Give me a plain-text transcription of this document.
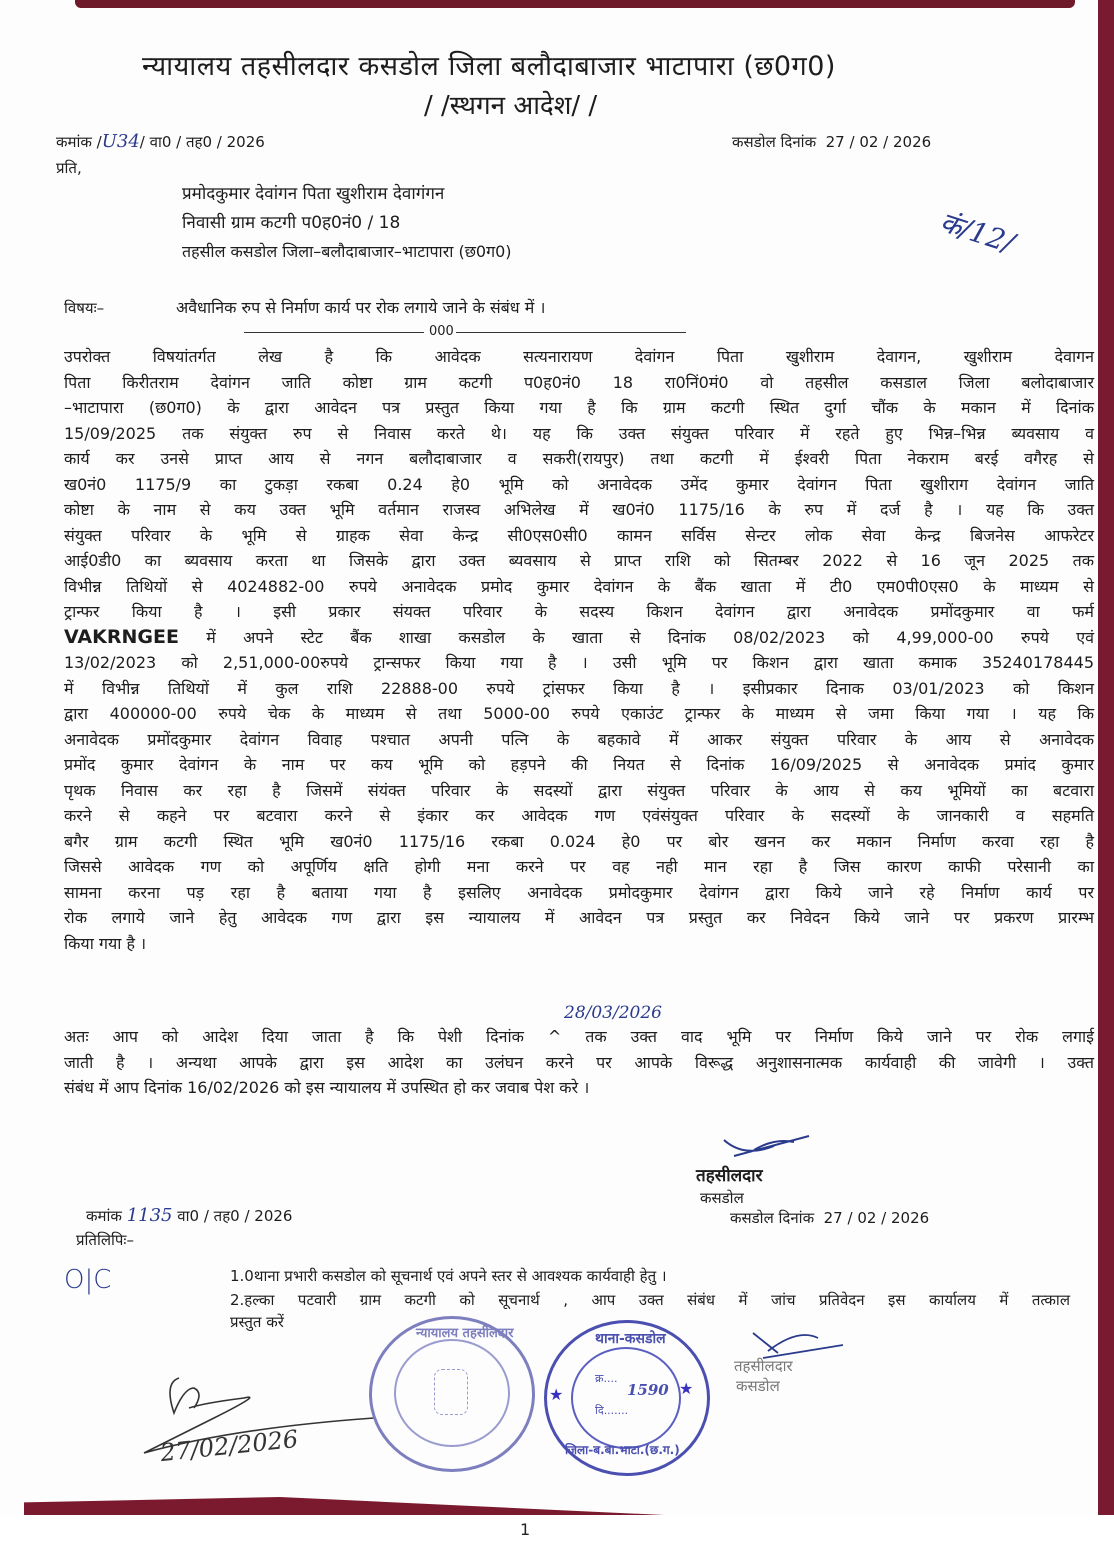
न्यायालय तहसीलदार कसडोल जिला बलौदाबाजार भाटापारा (छ0ग0)
/ /स्थगन आदेश/ /
कमांक /U34/ वा0 / तह0 / 2026	कसडोल दिनांक 27 / 02 / 2026
प्रति,
प्रमोदकुमार देवांगन पिता खुशीराम देवागंगन
निवासी ग्राम कटगी प0ह0नं0 / 18
तहसील कसडोल जिला–बलौदाबाजार–भाटापारा (छ0ग0)	कं/12/
विषयः–	अवैधानिक रुप से निर्माण कार्य पर रोक लगाये जाने के संबंध में ।
000
उपरोक्त विषयांतर्गत लेख है कि आवेदक सत्यनारायण देवांगन पिता खुशीराम देवागन, खुशीराम देवागन
पिता किरीतराम देवांगन जाति कोष्टा ग्राम कटगी प0ह0नं0 18 रा0निं0मं0 वो तहसील कसडाल जिला बलोदाबाजार
–भाटापारा (छ0ग0) के द्वारा आवेदन पत्र प्रस्तुत किया गया है कि ग्राम कटगी स्थित दुर्गा चौंक के मकान में दिनांक
15/09/2025 तक संयुक्त रुप से निवास करते थे। यह कि उक्त संयुक्त परिवार में रहते हुए भिन्न–भिन्न ब्यवसाय व
कार्य कर उनसे प्राप्त आय से नगन बलौदाबाजार व सकरी(रायपुर) तथा कटगी में ईश्वरी पिता नेकराम बरई वगैरह से
ख0नं0 1175/9 का टुकड़ा रकबा 0.24 हे0 भूमि को अनावेदक उमेंद कुमार देवांगन पिता खुशीराग देवांगन जाति
कोष्टा के नाम से कय उक्त भूमि वर्तमान राजस्व अभिलेख में ख0नं0 1175/16 के रुप में दर्ज है । यह कि उक्त
संयुक्त परिवार के भूमि से ग्राहक सेवा केन्द्र सी0एस0सी0 कामन सर्विस सेन्टर लोक सेवा केन्द्र बिजनेस आफरेटर
आई0डी0 का ब्यवसाय करता था जिसके द्वारा उक्त ब्यवसाय से प्राप्त राशि को सितम्बर 2022 से 16 जून 2025 तक
विभीन्न तिथियों से 4024882-00 रुपये अनावेदक प्रमोद कुमार देवांगन के बैंक खाता में टी0 एम0पी0एस0 के माध्यम से
ट्रान्फर किया है । इसी प्रकार संयक्त परिवार के सदस्य किशन देवांगन द्वारा अनावेदक प्रमोंदकुमार वा फर्म
VAKRNGEE में अपने स्टेट बैंक शाखा कसडोल के खाता से दिनांक 08/02/2023 को 4,99,000-00 रुपये एवं
13/02/2023 को 2,51,000-00रुपये ट्रान्सफर किया गया है । उसी भूमि पर किशन द्वारा खाता कमाक 35240178445
में विभीन्न तिथियों में कुल राशि 22888-00 रुपये ट्रांसफर किया है । इसीप्रकार दिनाक 03/01/2023 को किशन
द्वारा 400000-00 रुपये चेक के माध्यम से तथा 5000-00 रुपये एकाउंट ट्रान्फर के माध्यम से जमा किया गया । यह कि
अनावेदक प्रमोंदकुमार देवांगन विवाह पश्चात अपनी पत्नि के बहकावे में आकर संयुक्त परिवार के आय से अनावेदक
प्रमोंद कुमार देवांगन के नाम पर कय भूमि को हड़पने की नियत से दिनांक 16/09/2025 से अनावेदक प्रमांद कुमार
पृथक निवास कर रहा है जिसमें संयंक्त परिवार के सदस्यों द्वारा संयुक्त परिवार के आय से कय भूमियों का बटवारा
करने से कहने पर बटवारा करने से इंकार कर आवेदक गण एवंसंयुक्त परिवार के सदस्यों के जानकारी व सहमति
बगैर ग्राम कटगी स्थित भूमि ख0नं0 1175/16 रकबा 0.024 हे0 पर बोर खनन कर मकान निर्माण करवा रहा है
जिससे आवेदक गण को अपूर्णिय क्षति होगी मना करने पर वह नही मान रहा है जिस कारण काफी परेसानी का
सामना करना पड़ रहा है बताया गया है इसलिए अनावेदक प्रमोदकुमार देवांगन द्वारा किये जाने रहे निर्माण कार्य पर
रोक लगाये जाने हेतु आवेदक गण द्वारा इस न्यायालय में आवेदन पत्र प्रस्तुत कर निवेदन किये जाने पर प्रकरण प्रारम्भ
किया गया है ।
28/03/2026
अतः आप को आदेश दिया जाता है कि पेशी दिनांक ^ तक उक्त वाद भूमि पर निर्माण किये जाने पर रोक लगाई
जाती है । अन्यथा आपके द्वारा इस आदेश का उलंघन करने पर आपके विरूद्ध अनुशासनात्मक कार्यवाही की जावेगी । उक्त
संबंध में आप दिनांक 16/02/2026 को इस न्यायालय में उपस्थित हो कर जवाब पेश करे ।
तहसीलदार
कसडोल
कसडोल दिनांक 27 / 02 / 2026
कमांक 1135 वा0 / तह0 / 2026
प्रतिलिपिः–
O|C	1.0थाना प्रभारी कसडोल को सूचनार्थ एवं अपने स्तर से आवश्यक कार्यवाही हेतु ।
2.हल्का पटवारी ग्राम कटगी को सूचनार्थ , आप उक्त संबंध में जांच प्रतिवेदन इस कार्यालय में तत्काल
प्रस्तुत करें
27/02/2026
न्यायालय तहसीलदार	थाना-कसडोल
जिला-ब.बा.भाटा.(छ.ग.)
क्र....
दि.......
1590
★	★
तहसीलदार
कसडोल
1
